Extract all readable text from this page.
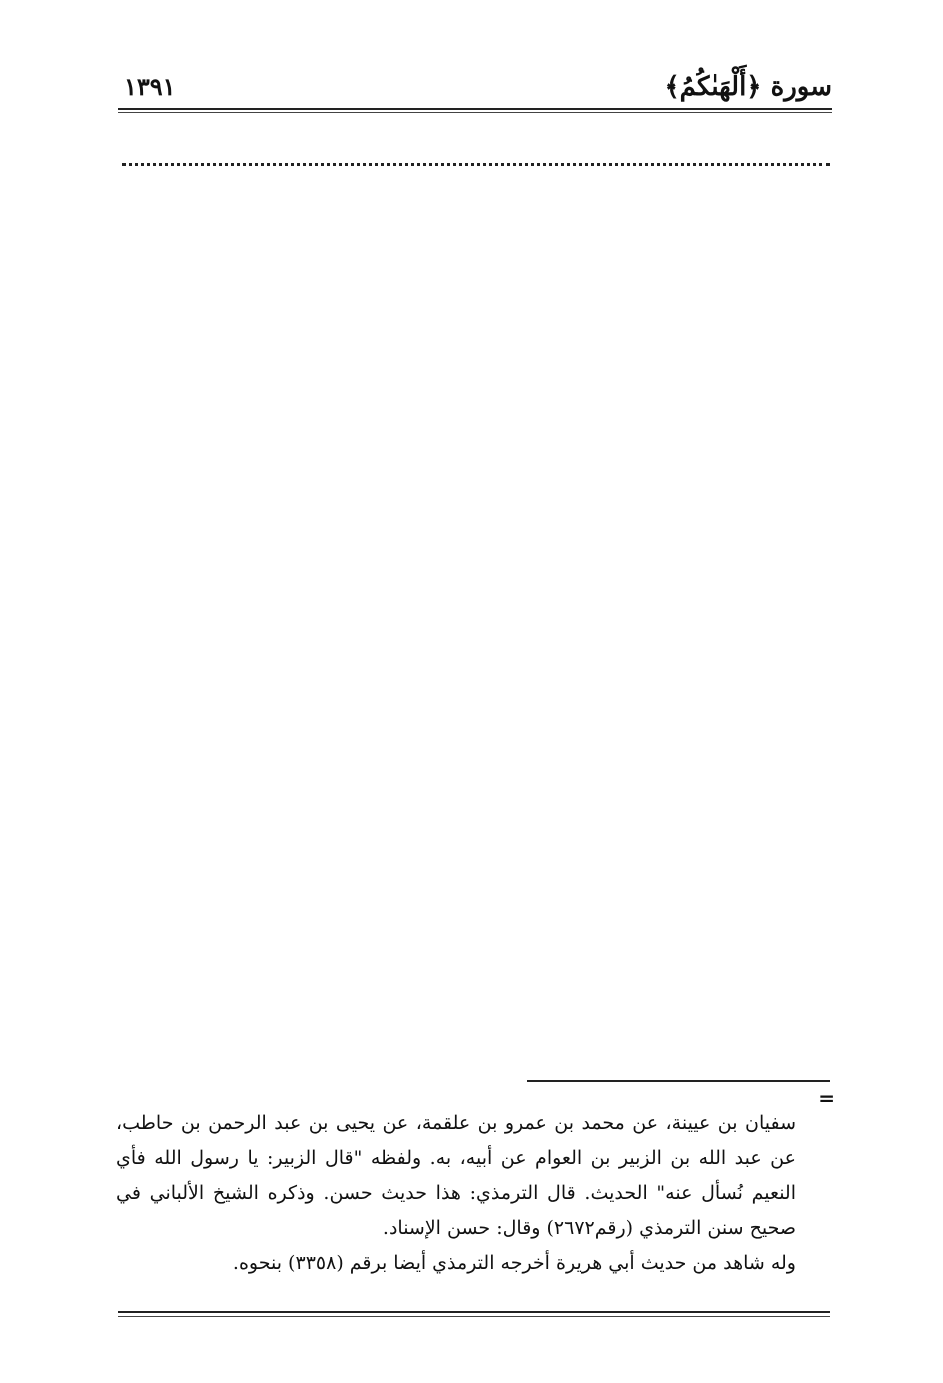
سورة ﴿أَلْهَىٰكُمُ﴾
١٣٩١
=

سفيان بن عيينة، عن محمد بن عمرو بن علقمة، عن يحيى بن عبد الرحمن بن حاطب، عن عبد الله بن الزبير بن العوام عن أبيه، به. ولفظه "قال الزبير: يا رسول الله فأي النعيم نُسأل عنه" الحديث. قال الترمذي: هذا حديث حسن. وذكره الشيخ الألباني في صحيح سنن الترمذي (رقم٢٦٧٢) وقال: حسن الإسناد.

وله شاهد من حديث أبي هريرة أخرجه الترمذي أيضا برقم (٣٣٥٨) بنحوه.
